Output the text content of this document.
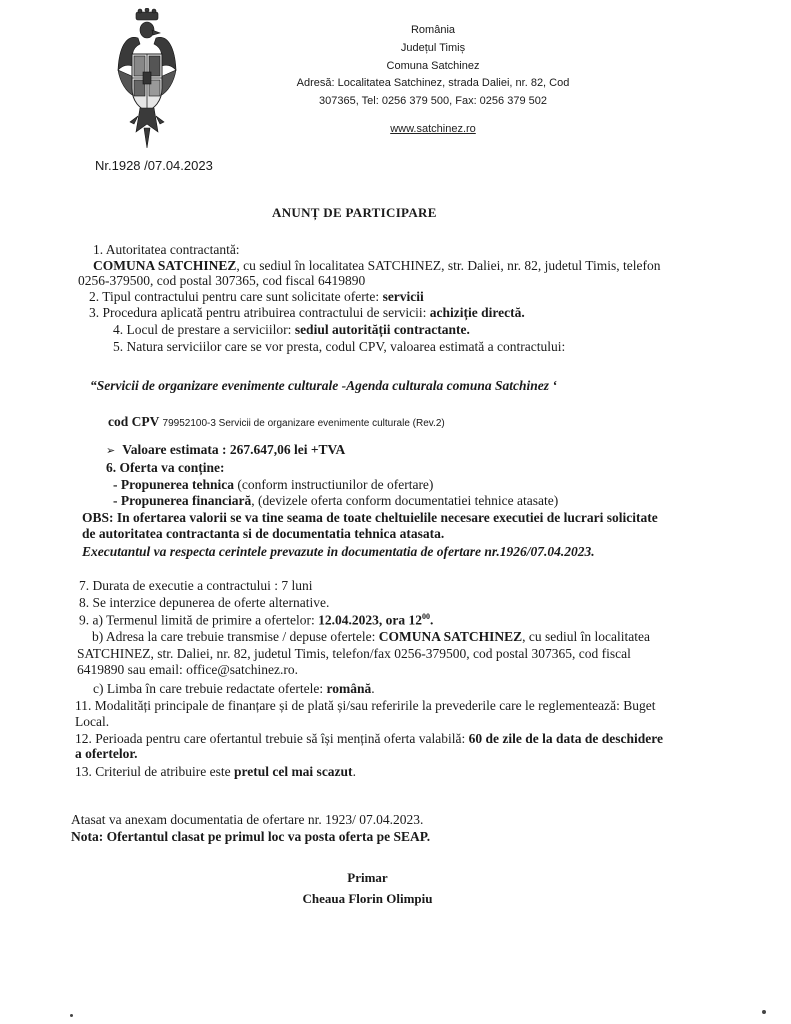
România
Județul Timiș
Comuna Satchinez
Adresă: Localitatea Satchinez, strada Daliei, nr. 82, Cod
307365, Tel: 0256 379 500, Fax: 0256 379 502
www.satchinez.ro
Nr.1928 /07.04.2023
ANUNȚ DE PARTICIPARE
1. Autoritatea contractantă:
COMUNA SATCHINEZ, cu sediul în localitatea SATCHINEZ, str. Daliei, nr. 82, judetul Timis, telefon
0256-379500, cod postal 307365, cod fiscal 6419890
2. Tipul contractului pentru care sunt solicitate oferte: servicii
3. Procedura aplicată pentru atribuirea contractului de servicii: achiziție directă.
4. Locul de prestare a serviciilor: sediul autorității contractante.
5. Natura serviciilor care se vor presta, codul CPV, valoarea estimată a contractului:
“Servicii de organizare evenimente culturale -Agenda culturala comuna Satchinez ‘
cod CPV 79952100-3 Servicii de organizare evenimente culturale (Rev.2)
➢ Valoare estimata : 267.647,06 lei +TVA
6. Oferta va conține:
- Propunerea tehnica (conform instructiunilor de ofertare)
- Propunerea financiară, (devizele oferta conform documentatiei tehnice atasate)
OBS: In ofertarea valorii se va tine seama de toate cheltuielile necesare executiei de lucrari solicitate
de autoritatea contractanta si de documentatia tehnica atasata.
Executantul va respecta cerintele prevazute in documentatia de ofertare nr.1926/07.04.2023.
7. Durata de executie a contractului : 7 luni
8. Se interzice depunerea de oferte alternative.
9. a) Termenul limită de primire a ofertelor: 12.04.2023, ora $12^{00}$.
b) Adresa la care trebuie transmise / depuse ofertele: COMUNA SATCHINEZ, cu sediul în localitatea
SATCHINEZ, str. Daliei, nr. 82, judetul Timis, telefon/fax 0256-379500, cod postal 307365, cod fiscal
6419890 sau email: office@satchinez.ro.
c) Limba în care trebuie redactate ofertele: română.
11. Modalități principale de finanțare și de plată și/sau referirile la prevederile care le reglementează: Buget
Local.
12. Perioada pentru care ofertantul trebuie să își mențină oferta valabilă: 60 de zile de la data de deschidere
a ofertelor.
13. Criteriul de atribuire este pretul cel mai scazut.
Atasat va anexam documentatia de ofertare nr. 1923/ 07.04.2023.
Nota: Ofertantul clasat pe primul loc va posta oferta pe SEAP.
Primar
Cheaua Florin Olimpiu
